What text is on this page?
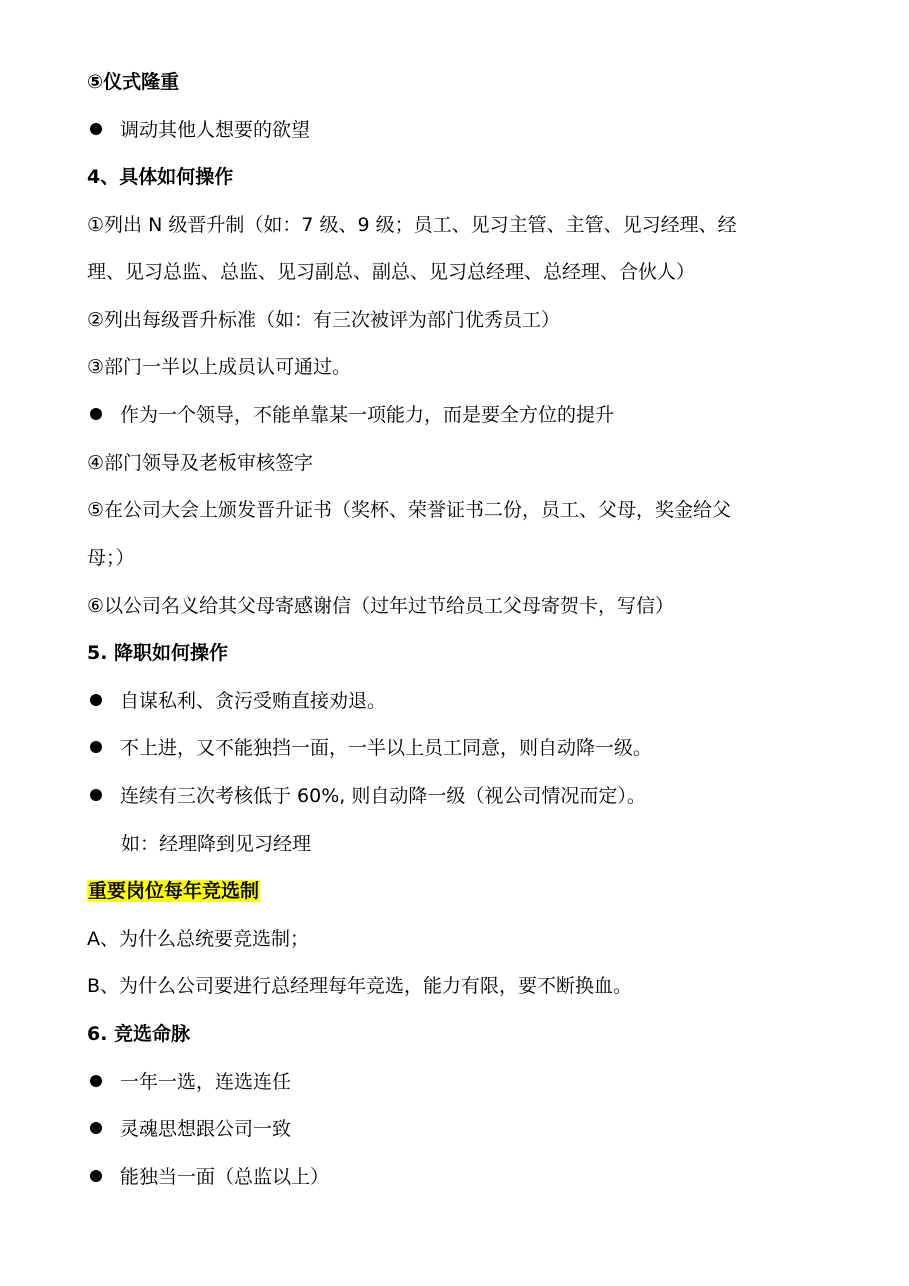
⑤仪式隆重
调动其他人想要的欲望
4、具体如何操作
①列出 N 级晋升制（如：7 级、9 级；员工、见习主管、主管、见习经理、经
理、见习总监、总监、见习副总、副总、见习总经理、总经理、合伙人）
②列出每级晋升标准（如：有三次被评为部门优秀员工）
③部门一半以上成员认可通过。
作为一个领导，不能单靠某一项能力，而是要全方位的提升
④部门领导及老板审核签字
⑤在公司大会上颁发晋升证书（奖杯、荣誉证书二份，员工、父母，奖金给父
母；）
⑥以公司名义给其父母寄感谢信（过年过节给员工父母寄贺卡，写信）
5. 降职如何操作
自谋私利、贪污受贿直接劝退。
不上进，又不能独挡一面，一半以上员工同意，则自动降一级。
连续有三次考核低于 60%, 则自动降一级（视公司情况而定）。
如：经理降到见习经理
重要岗位每年竞选制
A、为什么总统要竞选制；
B、为什么公司要进行总经理每年竞选，能力有限，要不断换血。
6. 竞选命脉
一年一选，连选连任
灵魂思想跟公司一致
能独当一面（总监以上）
